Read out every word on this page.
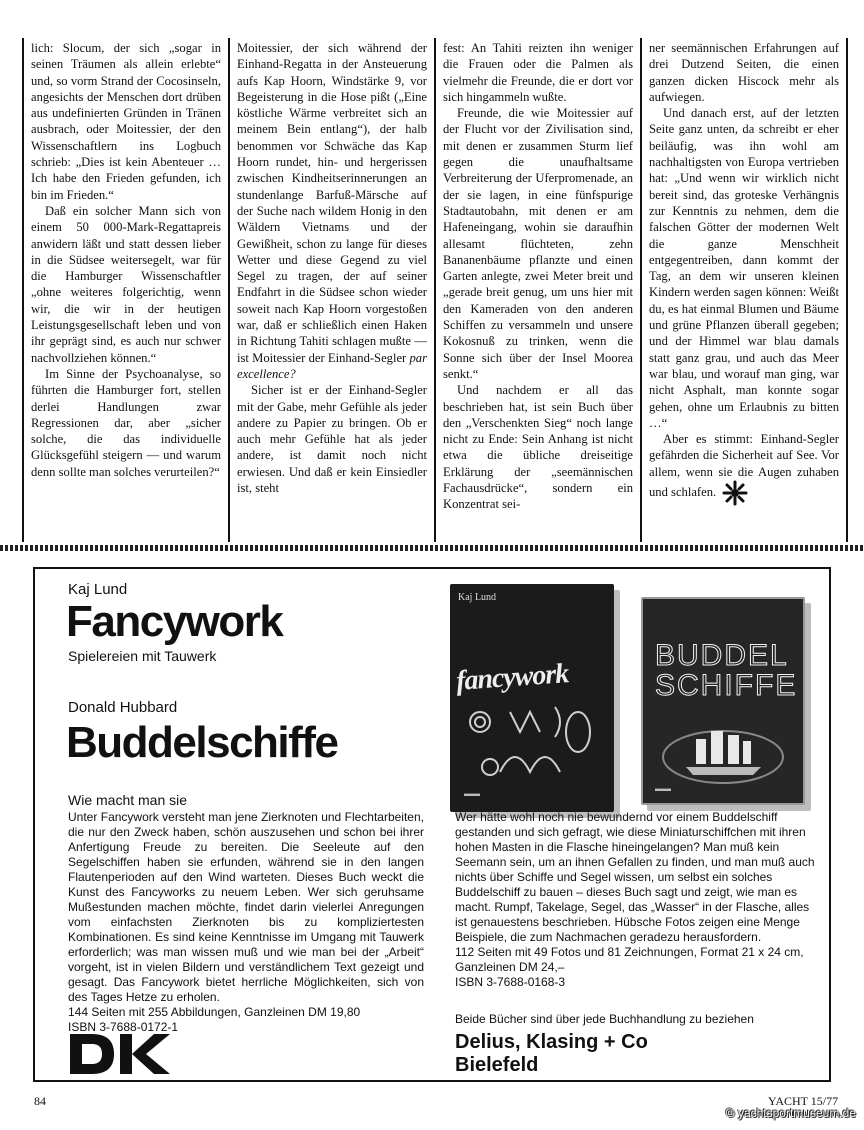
lich: Slocum, der sich „sogar in seinen Träumen als allein erlebte“ und, so vorm Strand der Cocosinseln, angesichts der Menschen dort drüben aus undefinierten Gründen in Tränen ausbrach, oder Moitessier, der den Wissenschaftlern ins Logbuch schrieb: „Dies ist kein Abenteuer … Ich habe den Frieden gefunden, ich bin im Frieden.“

Daß ein solcher Mann sich von einem 50 000-Mark-Regattapreis anwidern läßt und statt dessen lieber in die Südsee weitersegelt, war für die Hamburger Wissenschaftler „ohne weiteres folgerichtig, wenn wir, die wir in der heutigen Leistungsgesellschaft leben und von ihr geprägt sind, es auch nur schwer nachvollziehen können.“

Im Sinne der Psychoanalyse, so führten die Hamburger fort, stellen derlei Handlungen zwar Regressionen dar, aber „sicher solche, die das individuelle Glücksgefühl steigern — und warum denn sollte man solches verurteilen?“

Moitessier, der sich während der Einhand-Regatta in der Ansteuerung aufs Kap Hoorn, Windstärke 9, vor Begeisterung in die Hose pißt („Eine köstliche Wärme verbreitet sich an meinem Bein entlang“), der halb benommen vor Schwäche das Kap Hoorn rundet, hin- und hergerissen zwischen Kindheitserinnerungen an stundenlange Barfuß-Märsche auf der Suche nach wildem Honig in den Wäldern Vietnams und der Gewißheit, schon zu lange für dieses Wetter und diese Gegend zu viel Segel zu tragen, der auf seiner Endfahrt in die Südsee schon wieder soweit nach Kap Hoorn vorgestoßen war, daß er schließlich einen Haken in Richtung Tahiti schlagen mußte — ist Moitessier der Einhand-Segler par excellence?

Sicher ist er der Einhand-Segler mit der Gabe, mehr Gefühle als jeder andere zu Papier zu bringen. Ob er auch mehr Gefühle hat als jeder andere, ist damit noch nicht erwiesen. Und daß er kein Einsiedler ist, steht

fest: An Tahiti reizten ihn weniger die Frauen oder die Palmen als vielmehr die Freunde, die er dort vor sich hingammeln wußte.

Freunde, die wie Moitessier auf der Flucht vor der Zivilisation sind, mit denen er zusammen Sturm lief gegen die unaufhaltsame Verbreiterung der Uferpromenade, an der sie lagen, in eine fünfspurige Stadtautobahn, mit denen er am Hafeneingang, wohin sie daraufhin allesamt flüchteten, zehn Bananenbäume pflanzte und einen Garten anlegte, zwei Meter breit und „gerade breit genug, um uns hier mit den Kameraden von den anderen Schiffen zu versammeln und unsere Kokosnuß zu trinken, wenn die Sonne sich über der Insel Moorea senkt.“

Und nachdem er all das beschrieben hat, ist sein Buch über den „Verschenkten Sieg“ noch lange nicht zu Ende: Sein Anhang ist nicht etwa die übliche dreiseitige Erklärung der „seemännischen Fachausdrücke“, sondern ein Konzentrat sei-

ner seemännischen Erfahrungen auf drei Dutzend Seiten, die einen ganzen dicken Hiscock mehr als aufwiegen.

Und danach erst, auf der letzten Seite ganz unten, da schreibt er eher beiläufig, was ihn wohl am nachhaltigsten von Europa vertrieben hat: „Und wenn wir wirklich nicht bereit sind, das groteske Verhängnis zur Kenntnis zu nehmen, dem die falschen Götter der modernen Welt die ganze Menschheit entgegentreiben, dann kommt der Tag, an dem wir unseren kleinen Kindern werden sagen können: Weißt du, es hat einmal Blumen und Bäume und grüne Pflanzen überall gegeben; und der Himmel war blau damals statt ganz grau, und auch das Meer war blau, und worauf man ging, war nicht Asphalt, man konnte sogar gehen, ohne um Erlaubnis zu bitten …“

Aber es stimmt: Einhand-Segler gefährden die Sicherheit auf See. Vor allem, wenn sie die Augen zuhaben und schlafen.

Kaj Lund
Fancywork
Spielereien mit Tauwerk
Donald Hubbard
Buddelschiffe
Wie macht man sie

Unter Fancywork versteht man jene Zierknoten und Flechtarbeiten, die nur den Zweck haben, schön auszusehen und schon bei ihrer Anfertigung Freude zu bereiten. Die Seeleute auf den Segelschiffen haben sie erfunden, während sie in den langen Flautenperioden auf den Wind warteten. Dieses Buch weckt die Kunst des Fancyworks zu neuem Leben. Wer sich geruhsame Mußestunden machen möchte, findet darin vielerlei Anregungen vom einfachsten Zierknoten bis zu kompliziertesten Kombinationen. Es sind keine Kenntnisse im Umgang mit Tauwerk erforderlich; was man wissen muß und wie man bei der „Arbeit“ vorgeht, ist in vielen Bildern und verständlichem Text gezeigt und gesagt. Das Fancywork bietet herrliche Möglichkeiten, sich von des Tages Hetze zu erholen.

144 Seiten mit 255 Abbildungen, Ganzleinen DM 19,80

ISBN 3-7688-0172-1

Kaj Lund
fancywork
▬▬
BUDDEL
SCHIFFE
▬▬

Wer hätte wohl noch nie bewundernd vor einem Buddelschiff gestanden und sich gefragt, wie diese Miniaturschiffchen mit ihren hohen Masten in die Flasche hineingelangen? Man muß kein Seemann sein, um an ihnen Gefallen zu finden, und man muß auch nichts über Schiffe und Segel wissen, um selbst ein solches Buddelschiff zu bauen – dieses Buch sagt und zeigt, wie man es macht. Rumpf, Takelage, Segel, das „Wasser“ in der Flasche, alles ist genauestens beschrieben. Hübsche Fotos zeigen eine Menge Beispiele, die zum Nachmachen geradezu herausfordern.

112 Seiten mit 49 Fotos und 81 Zeichnungen, Format 21 x 24 cm, Ganzleinen DM 24,–

ISBN 3-7688-0168-3

Beide Bücher sind über jede Buchhandlung zu beziehen
Delius, Klasing + Co
Bielefeld
84	YACHT 15/77
© yachtsportmuseum.de
